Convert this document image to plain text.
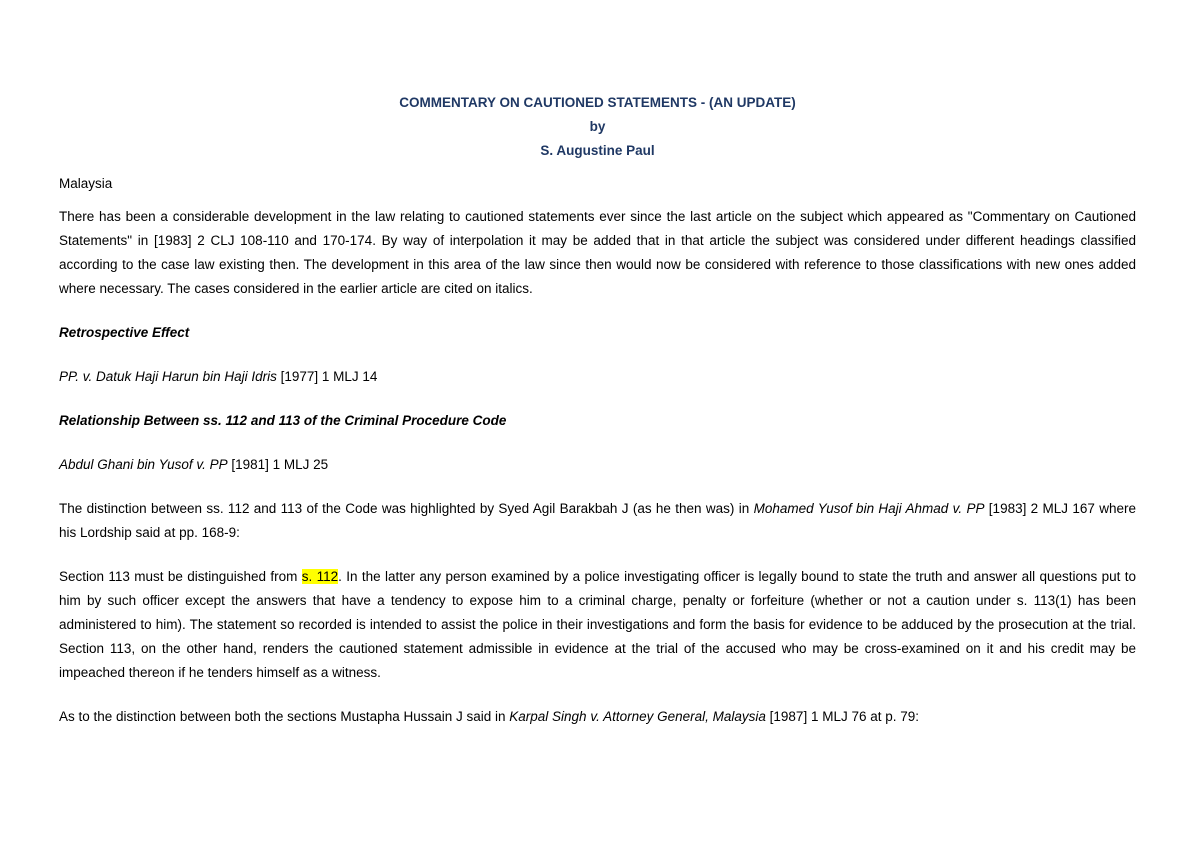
COMMENTARY ON CAUTIONED STATEMENTS - (AN UPDATE)
by
S. Augustine Paul

Malaysia

There has been a considerable development in the law relating to cautioned statements ever since the last article on the subject which appeared as "Commentary on Cautioned Statements" in [1983] 2 CLJ 108-110 and 170-174. By way of interpolation it may be added that in that article the subject was considered under different headings classified according to the case law existing then. The development in this area of the law since then would now be considered with reference to those classifications with new ones added where necessary. The cases considered in the earlier article are cited on italics.

Retrospective Effect

PP. v. Datuk Haji Harun bin Haji Idris [1977] 1 MLJ 14

Relationship Between ss. 112 and 113 of the Criminal Procedure Code

Abdul Ghani bin Yusof v. PP [1981] 1 MLJ 25

The distinction between ss. 112 and 113 of the Code was highlighted by Syed Agil Barakbah J (as he then was) in Mohamed Yusof bin Haji Ahmad v. PP [1983] 2 MLJ 167 where his Lordship said at pp. 168-9:

Section 113 must be distinguished from s. 112. In the latter any person examined by a police investigating officer is legally bound to state the truth and answer all questions put to him by such officer except the answers that have a tendency to expose him to a criminal charge, penalty or forfeiture (whether or not a caution under s. 113(1) has been administered to him). The statement so recorded is intended to assist the police in their investigations and form the basis for evidence to be adduced by the prosecution at the trial. Section 113, on the other hand, renders the cautioned statement admissible in evidence at the trial of the accused who may be cross-examined on it and his credit may be impeached thereon if he tenders himself as a witness.

As to the distinction between both the sections Mustapha Hussain J said in Karpal Singh v. Attorney General, Malaysia [1987] 1 MLJ 76 at p. 79:
